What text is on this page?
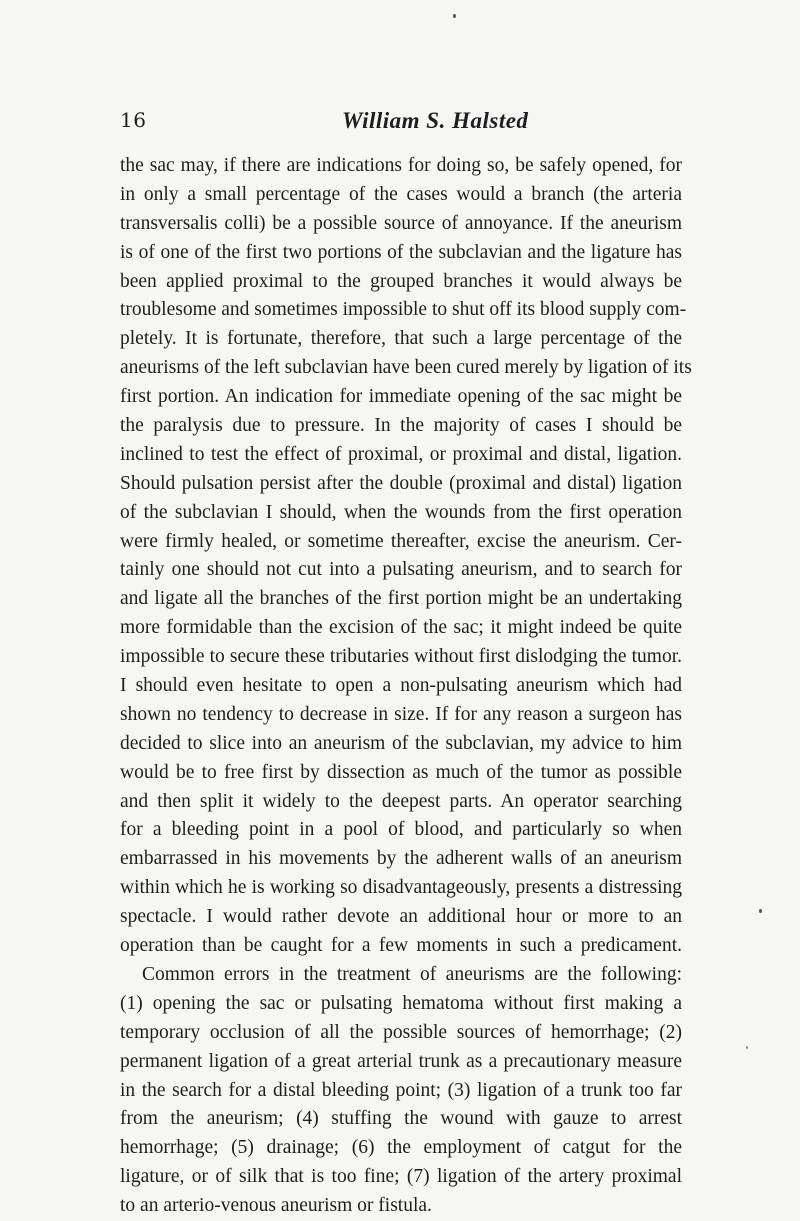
16	William S. Halsted
the sac may, if there are indications for doing so, be safely opened, for
in only a small percentage of the cases would a branch (the arteria
transversalis colli) be a possible source of annoyance. If the aneurism
is of one of the first two portions of the subclavian and the ligature has
been applied proximal to the grouped branches it would always be
troublesome and sometimes impossible to shut off its blood supply com-
pletely. It is fortunate, therefore, that such a large percentage of the
aneurisms of the left subclavian have been cured merely by ligation of its
first portion. An indication for immediate opening of the sac might be
the paralysis due to pressure. In the majority of cases I should be
inclined to test the effect of proximal, or proximal and distal, ligation.
Should pulsation persist after the double (proximal and distal) ligation
of the subclavian I should, when the wounds from the first operation
were firmly healed, or sometime thereafter, excise the aneurism. Cer-
tainly one should not cut into a pulsating aneurism, and to search for
and ligate all the branches of the first portion might be an undertaking
more formidable than the excision of the sac; it might indeed be quite
impossible to secure these tributaries without first dislodging the tumor.
I should even hesitate to open a non-pulsating aneurism which had
shown no tendency to decrease in size. If for any reason a surgeon has
decided to slice into an aneurism of the subclavian, my advice to him
would be to free first by dissection as much of the tumor as possible
and then split it widely to the deepest parts. An operator searching
for a bleeding point in a pool of blood, and particularly so when
embarrassed in his movements by the adherent walls of an aneurism
within which he is working so disadvantageously, presents a distressing
spectacle. I would rather devote an additional hour or more to an
operation than be caught for a few moments in such a predicament.
Common errors in the treatment of aneurisms are the following:
(1) opening the sac or pulsating hematoma without first making a
temporary occlusion of all the possible sources of hemorrhage; (2)
permanent ligation of a great arterial trunk as a precautionary measure
in the search for a distal bleeding point; (3) ligation of a trunk too far
from the aneurism; (4) stuffing the wound with gauze to arrest
hemorrhage; (5) drainage; (6) the employment of catgut for the
ligature, or of silk that is too fine; (7) ligation of the artery proximal
to an arterio-venous aneurism or fistula.
